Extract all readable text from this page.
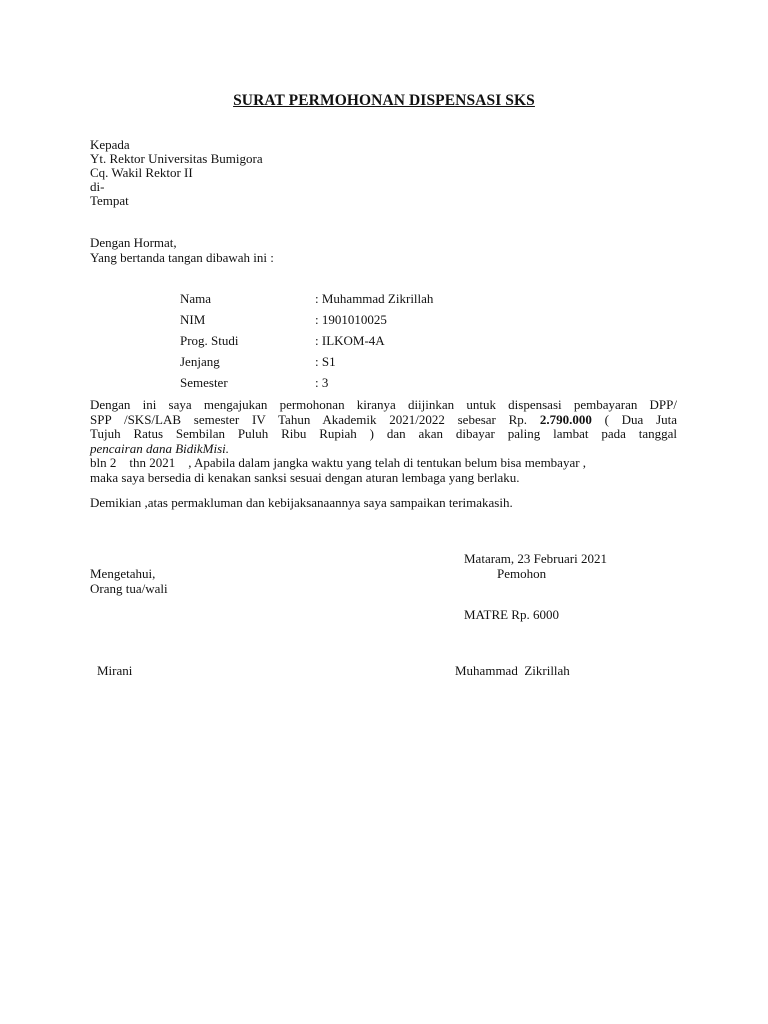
SURAT PERMOHONAN DISPENSASI SKS
Kepada
Yt. Rektor Universitas Bumigora
Cq. Wakil Rektor II
di-
Tempat
Dengan Hormat,
Yang bertanda tangan dibawah ini :
Nama	: Muhammad Zikrillah
NIM	: 1901010025
Prog. Studi	: ILKOM-4A
Jenjang	: S1
Semester	: 3
Dengan ini saya mengajukan permohonan kiranya diijinkan untuk dispensasi pembayaran DPP/
SPP /SKS/LAB semester IV Tahun Akademik 2021/2022 sebesar Rp. 2.790.000 ( Dua Juta
Tujuh Ratus Sembilan Puluh Ribu Rupiah ) dan akan dibayar paling lambat pada tanggal
pencairan dana BidikMisi.
bln 2    thn 2021    , Apabila dalam jangka waktu yang telah di tentukan belum bisa membayar ,
maka saya bersedia di kenakan sanksi sesuai dengan aturan lembaga yang berlaku.
Demikian ,atas permakluman dan kebijaksanaannya saya sampaikan terimakasih.
Mataram, 23 Februari 2021
Mengetahui,
Orang tua/wali
Pemohon
MATRE Rp. 6000
Mirani	Muhammad  Zikrillah
